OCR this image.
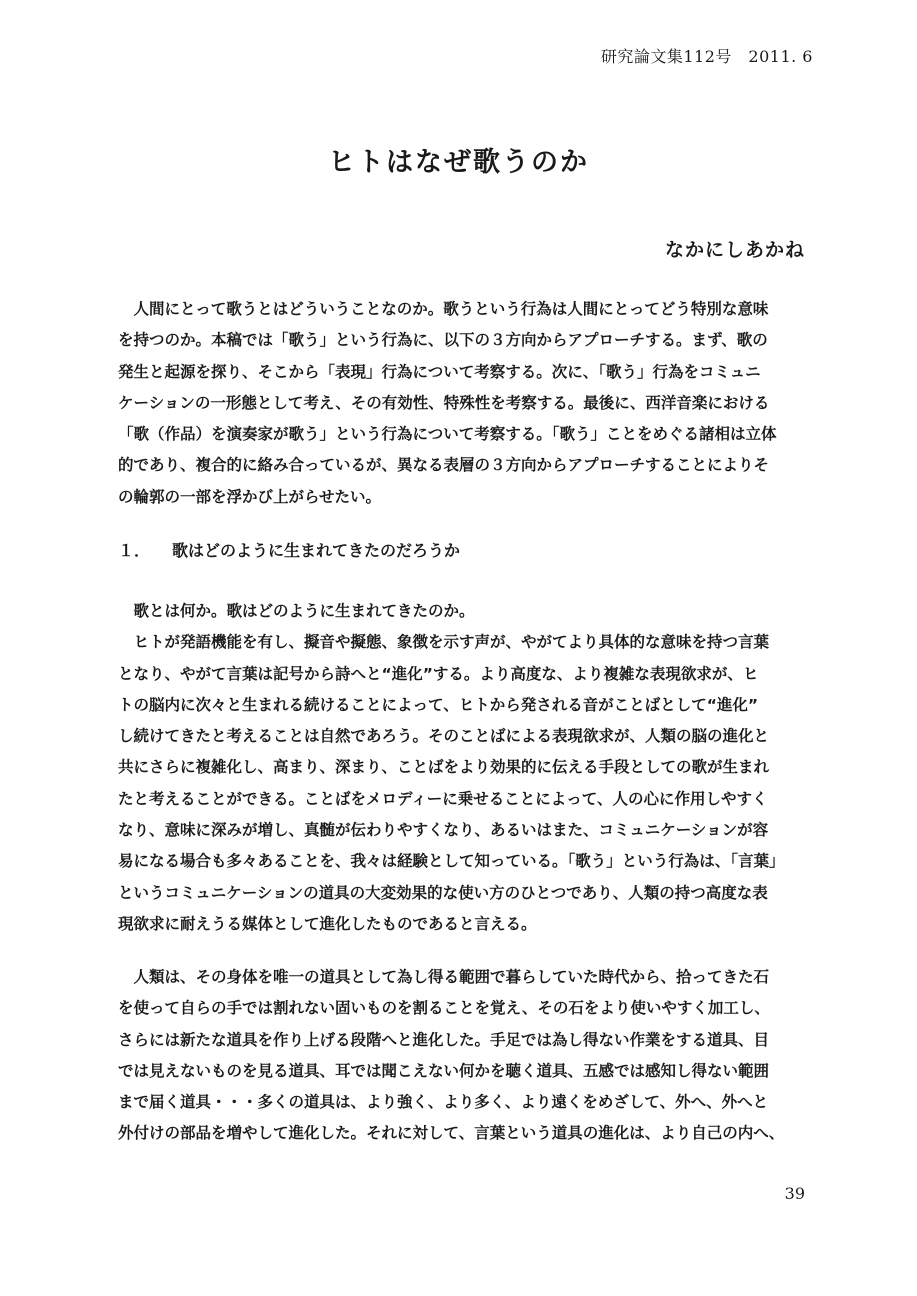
研究論文集112号　2011. 6
ヒトはなぜ歌うのか
なかにしあかね
　人間にとって歌うとはどういうことなのか。歌うという行為は人間にとってどう特別な意味
を持つのか。本稿では「歌う」という行為に、以下の３方向からアプローチする。まず、歌の
発生と起源を探り、そこから「表現」行為について考察する。次に、「歌う」行為をコミュニ
ケーションの一形態として考え、その有効性、特殊性を考察する。最後に、西洋音楽における
「歌（作品）を演奏家が歌う」という行為について考察する。「歌う」ことをめぐる諸相は立体
的であり、複合的に絡み合っているが、異なる表層の３方向からアプローチすることによりそ
の輪郭の一部を浮かび上がらせたい。
１． 歌はどのように生まれてきたのだろうか
　歌とは何か。歌はどのように生まれてきたのか。
　ヒトが発語機能を有し、擬音や擬態、象徴を示す声が、やがてより具体的な意味を持つ言葉
となり、やがて言葉は記号から詩へと“進化”する。より高度な、より複雑な表現欲求が、ヒ
トの脳内に次々と生まれる続けることによって、ヒトから発される音がことばとして“進化”
し続けてきたと考えることは自然であろう。そのことばによる表現欲求が、人類の脳の進化と
共にさらに複雑化し、高まり、深まり、ことばをより効果的に伝える手段としての歌が生まれ
たと考えることができる。ことばをメロディーに乗せることによって、人の心に作用しやすく
なり、意味に深みが増し、真髄が伝わりやすくなり、あるいはまた、コミュニケーションが容
易になる場合も多々あることを、我々は経験として知っている。「歌う」という行為は、「言葉」
というコミュニケーションの道具の大変効果的な使い方のひとつであり、人類の持つ高度な表
現欲求に耐えうる媒体として進化したものであると言える。
　人類は、その身体を唯一の道具として為し得る範囲で暮らしていた時代から、拾ってきた石
を使って自らの手では割れない固いものを割ることを覚え、その石をより使いやすく加工し、
さらには新たな道具を作り上げる段階へと進化した。手足では為し得ない作業をする道具、目
では見えないものを見る道具、耳では聞こえない何かを聴く道具、五感では感知し得ない範囲
まで届く道具・・・多くの道具は、より強く、より多く、より遠くをめざして、外へ、外へと
外付けの部品を増やして進化した。それに対して、言葉という道具の進化は、より自己の内へ、
39
